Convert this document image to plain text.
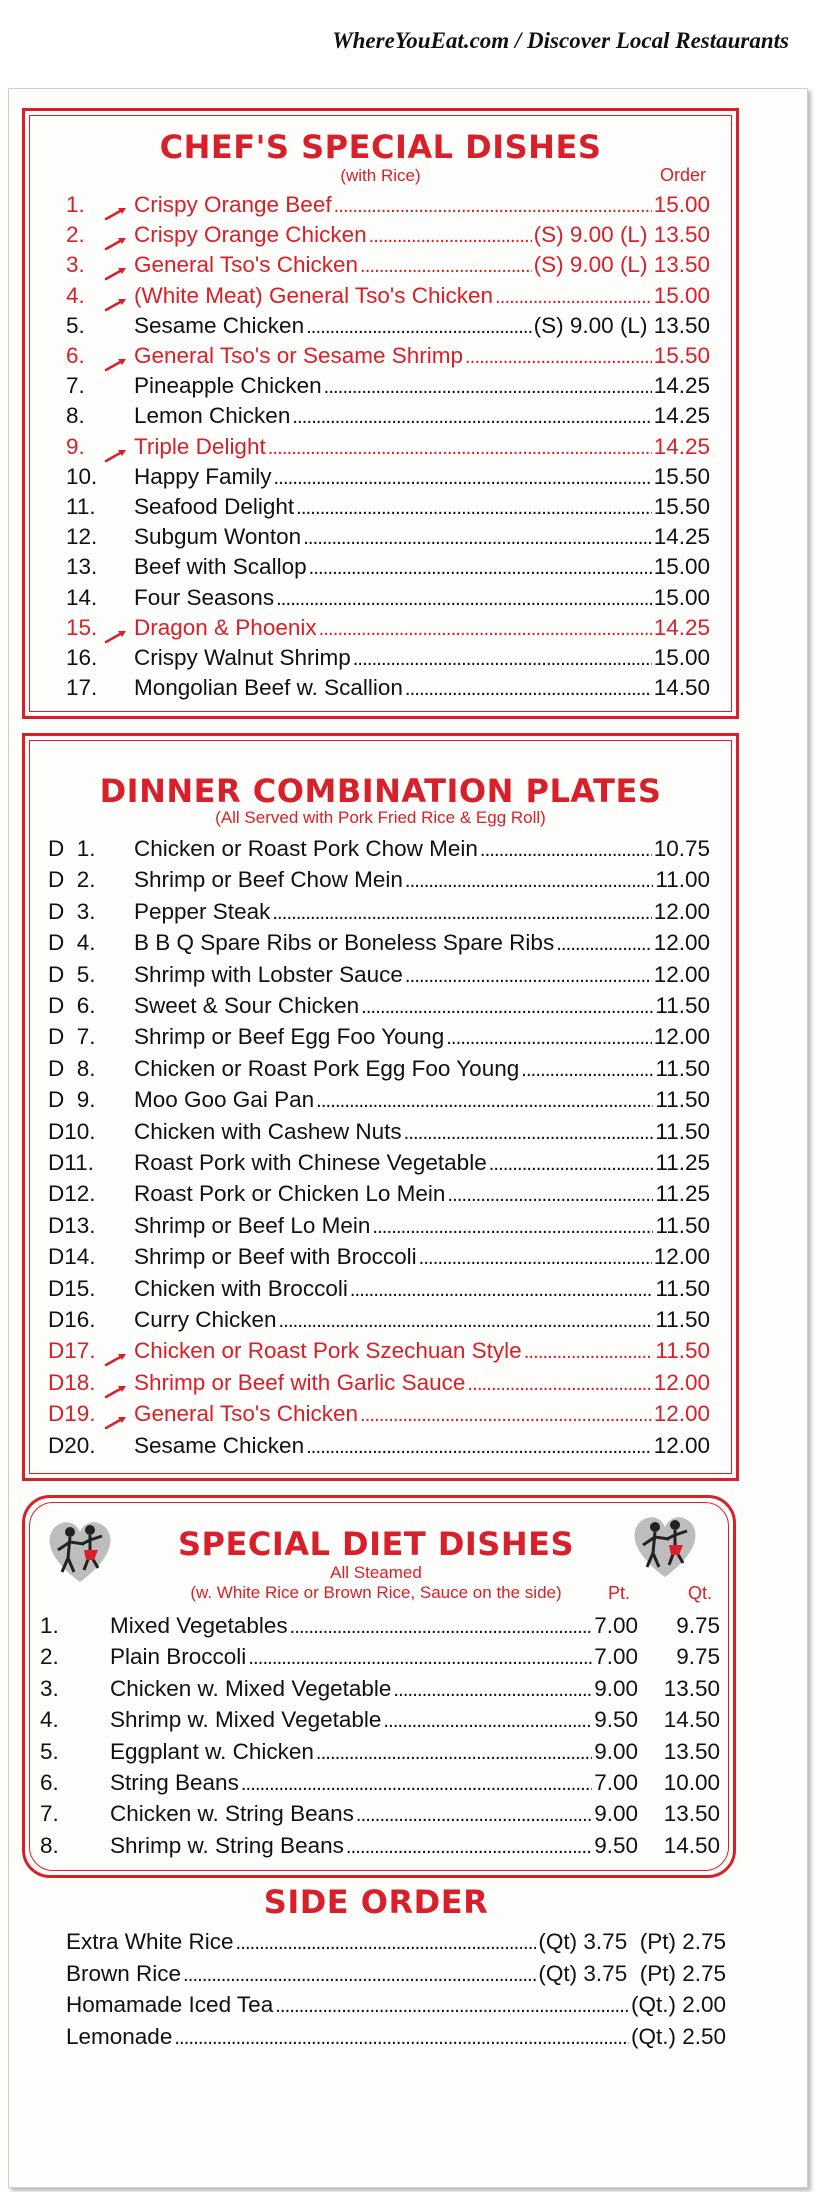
WhereYouEat.com / Discover Local Restaurants
CHEF'S SPECIAL DISHES
(with Rice)	Order
1.	Crispy Orange Beef . . .	15.00
2.	Crispy Orange Chicken . . .	(S) 9.00 (L) 13.50
3.	General Tso's Chicken . . .	(S) 9.00 (L) 13.50
4.	(White Meat) General Tso's Chicken . . .	15.00
5.	Sesame Chicken . . .	(S) 9.00 (L) 13.50
6.	General Tso's or Sesame Shrimp . . .	15.50
7.	Pineapple Chicken . . .	14.25
8.	Lemon Chicken . . .	14.25
9.	Triple Delight . . .	14.25
10.	Happy Family . . .	15.50
11.	Seafood Delight . . .	15.50
12.	Subgum Wonton . . .	14.25
13.	Beef with Scallop . . .	15.00
14.	Four Seasons . . .	15.00
15.	Dragon & Phoenix . . .	14.25
16.	Crispy Walnut Shrimp . . .	15.00
17.	Mongolian Beef w. Scallion . . .	14.50
DINNER COMBINATION PLATES
(All Served with Pork Fried Rice & Egg Roll)
D  1.	Chicken or Roast Pork Chow Mein . . .	10.75
D  2.	Shrimp or Beef Chow Mein . . .	11.00
D  3.	Pepper Steak . . .	12.00
D  4.	B B Q Spare Ribs or Boneless Spare Ribs . . .	12.00
D  5.	Shrimp with Lobster Sauce . . .	12.00
D  6.	Sweet & Sour Chicken . . .	11.50
D  7.	Shrimp or Beef Egg Foo Young . . .	12.00
D  8.	Chicken or Roast Pork Egg Foo Young . . .	11.50
D  9.	Moo Goo Gai Pan . . .	11.50
D10.	Chicken with Cashew Nuts . . .	11.50
D11.	Roast Pork with Chinese Vegetable . . .	11.25
D12.	Roast Pork or Chicken Lo Mein . . .	11.25
D13.	Shrimp or Beef Lo Mein . . .	11.50
D14.	Shrimp or Beef with Broccoli . . .	12.00
D15.	Chicken with Broccoli . . .	11.50
D16.	Curry Chicken . . .	11.50
D17.	Chicken or Roast Pork Szechuan Style . . .	11.50
D18.	Shrimp or Beef with Garlic Sauce . . .	12.00
D19.	General Tso's Chicken . . .	12.00
D20.	Sesame Chicken . . .	12.00
SPECIAL DIET DISHES
All Steamed
(w. White Rice or Brown Rice, Sauce on the side)	Pt.	Qt.
1.	Mixed Vegetables . . .	7.00	9.75
2.	Plain Broccoli . . .	7.00	9.75
3.	Chicken w. Mixed Vegetable . . .	9.00	13.50
4.	Shrimp w. Mixed Vegetable . . .	9.50	14.50
5.	Eggplant w. Chicken . . .	9.00	13.50
6.	String Beans . . .	7.00	10.00
7.	Chicken w. String Beans . . .	9.00	13.50
8.	Shrimp w. String Beans . . .	9.50	14.50
SIDE ORDER
Extra White Rice . . .	(Qt) 3.75  (Pt) 2.75
Brown Rice . . .	(Qt) 3.75  (Pt) 2.75
Homamade Iced Tea . . .	(Qt.) 2.00
Lemonade . . .	(Qt.) 2.50
